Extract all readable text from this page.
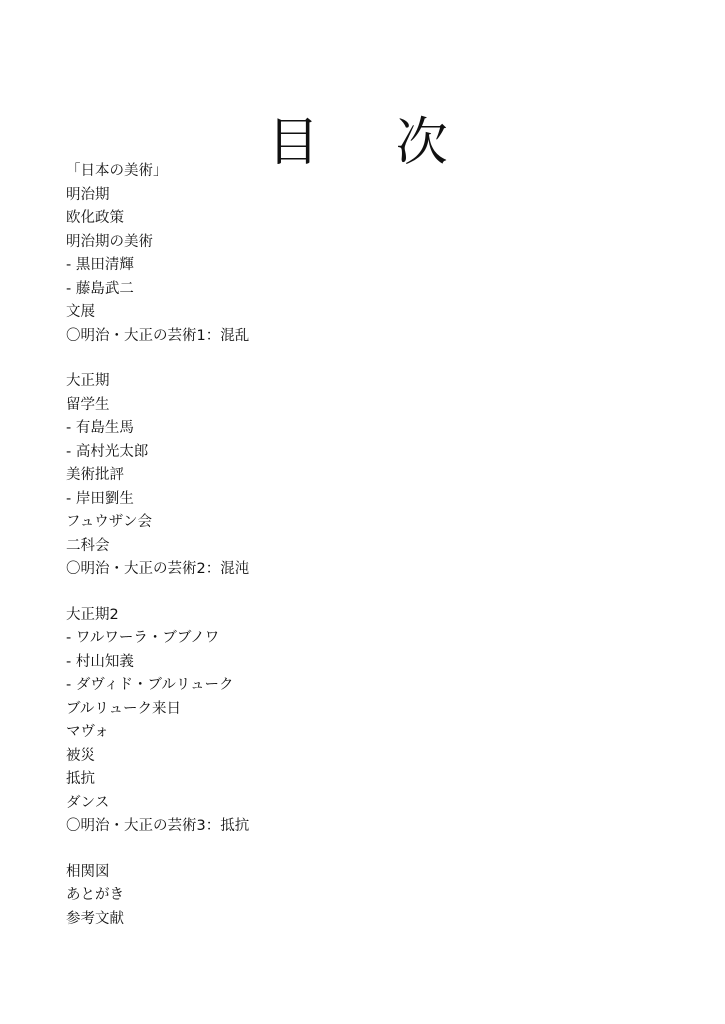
目 次
「日本の美術」
明治期
欧化政策
明治期の美術
- 黒田清輝
- 藤島武二
文展
〇明治・大正の芸術1：混乱
大正期
留学生
- 有島生馬
- 高村光太郎
美術批評
- 岸田劉生
フュウザン会
二科会
〇明治・大正の芸術2：混沌
大正期2
- ワルワーラ・ブブノワ
- 村山知義
- ダヴィド・ブルリューク
ブルリューク来日
マヴォ
被災
抵抗
ダンス
〇明治・大正の芸術3：抵抗
相関図
あとがき
参考文献
